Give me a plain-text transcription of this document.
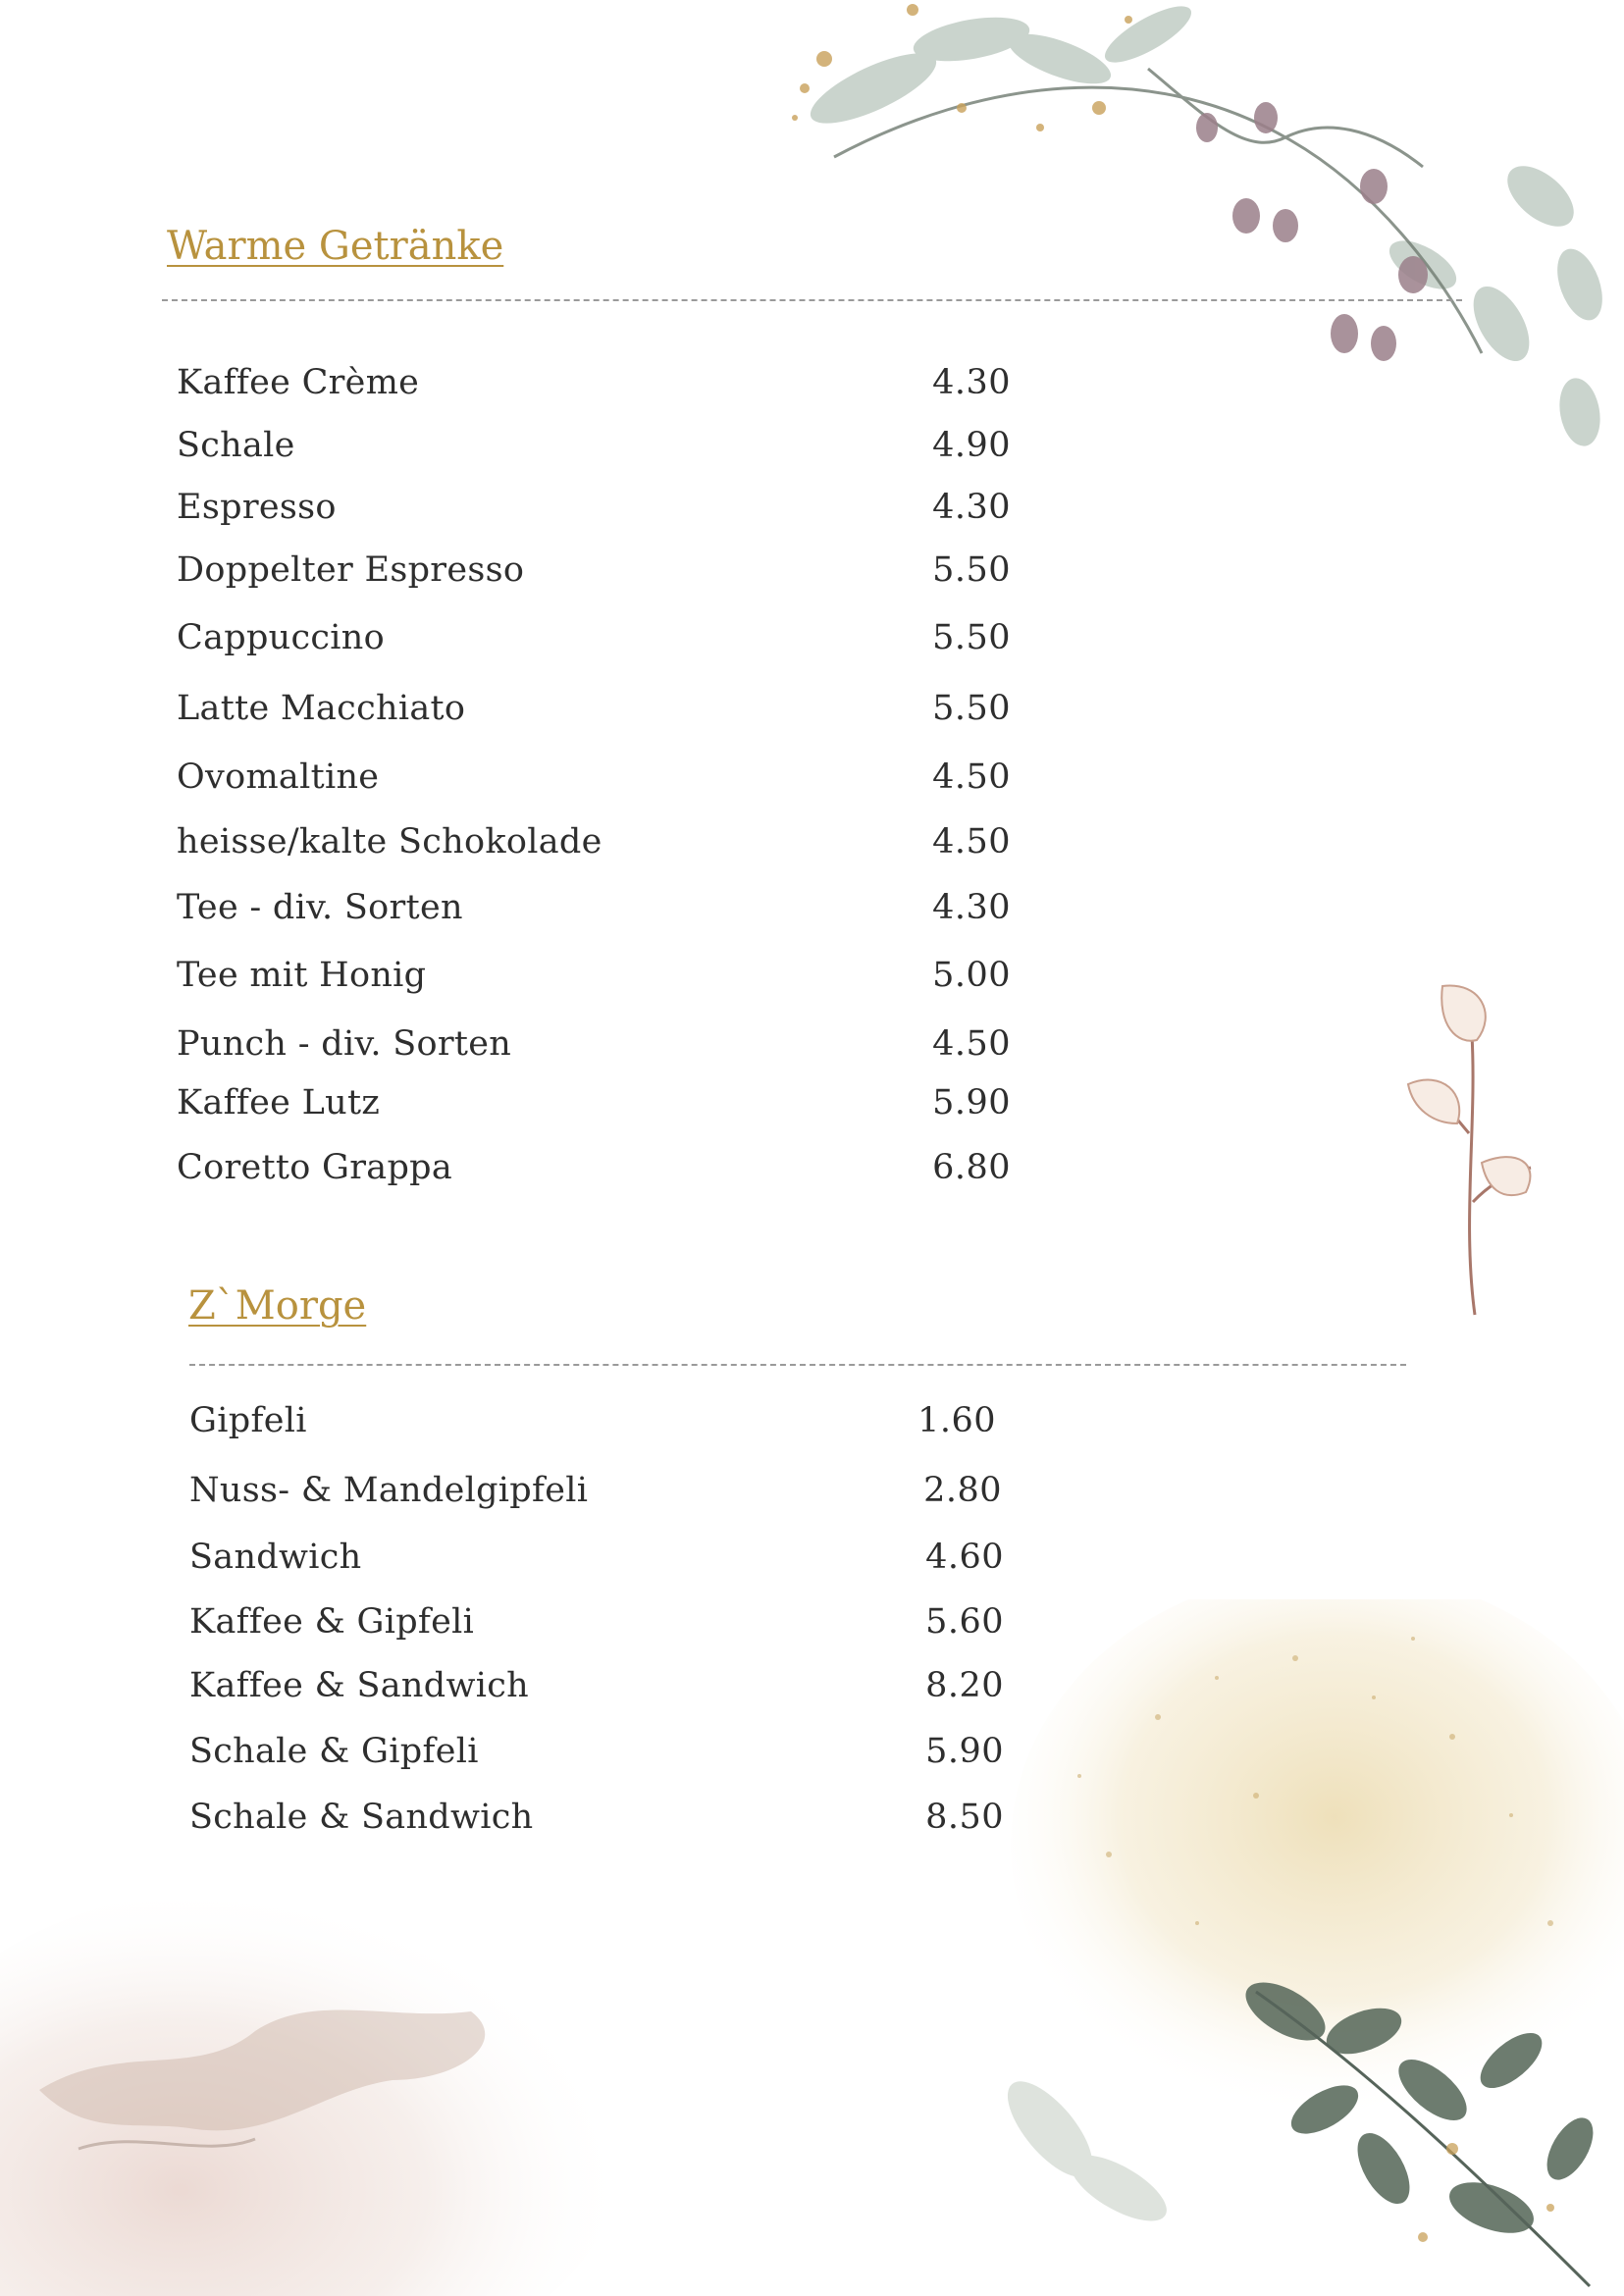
Warme Getränke
Kaffee Crème	4.30
Schale	4.90
Espresso	4.30
Doppelter Espresso	5.50
Cappuccino	5.50
Latte Macchiato	5.50
Ovomaltine	4.50
heisse/kalte Schokolade	4.50
Tee - div. Sorten	4.30
Tee mit Honig	5.00
Punch - div. Sorten	4.50
Kaffee Lutz	5.90
Coretto Grappa	6.80
Z`Morge
Gipfeli	1.60
Nuss- & Mandelgipfeli	2.80
Sandwich	4.60
Kaffee & Gipfeli	5.60
Kaffee & Sandwich	8.20
Schale & Gipfeli	5.90
Schale & Sandwich	8.50
